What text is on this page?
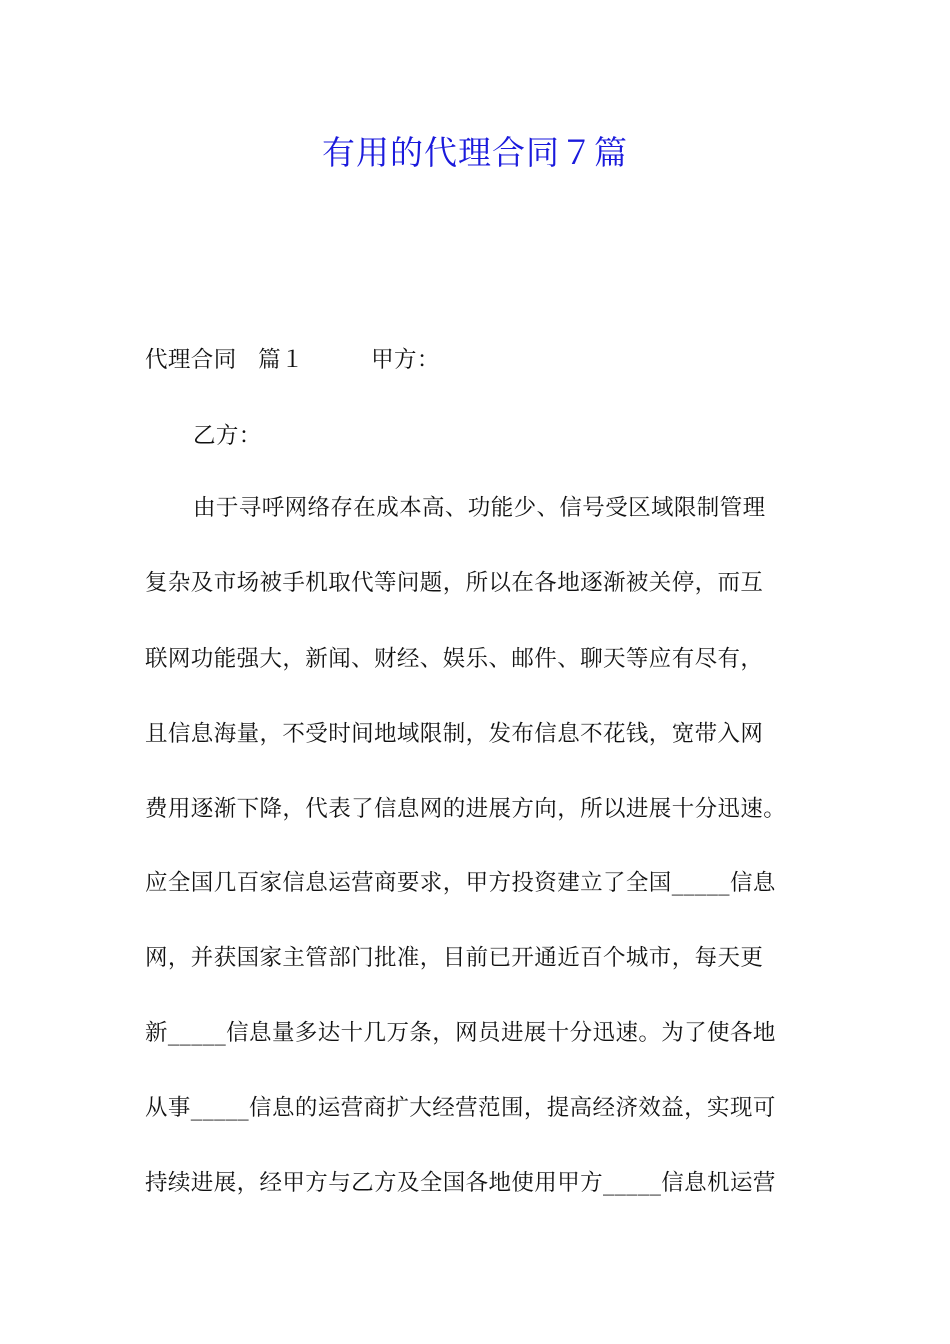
有用的代理合同７篇
代理合同 篇１	甲方：
乙方：
由于寻呼网络存在成本高、功能少、信号受区域限制管理
复杂及市场被手机取代等问题，所以在各地逐渐被关停，而互
联网功能强大，新闻、财经、娱乐、邮件、聊天等应有尽有，
且信息海量，不受时间地域限制，发布信息不花钱，宽带入网
费用逐渐下降，代表了信息网的进展方向，所以进展十分迅速。
应全国几百家信息运营商要求，甲方投资建立了全国_____信息
网，并获国家主管部门批准，目前已开通近百个城市，每天更
新_____信息量多达十几万条，网员进展十分迅速。为了使各地
从事_____信息的运营商扩大经营范围，提高经济效益，实现可
持续进展，经甲方与乙方及全国各地使用甲方_____信息机运营
